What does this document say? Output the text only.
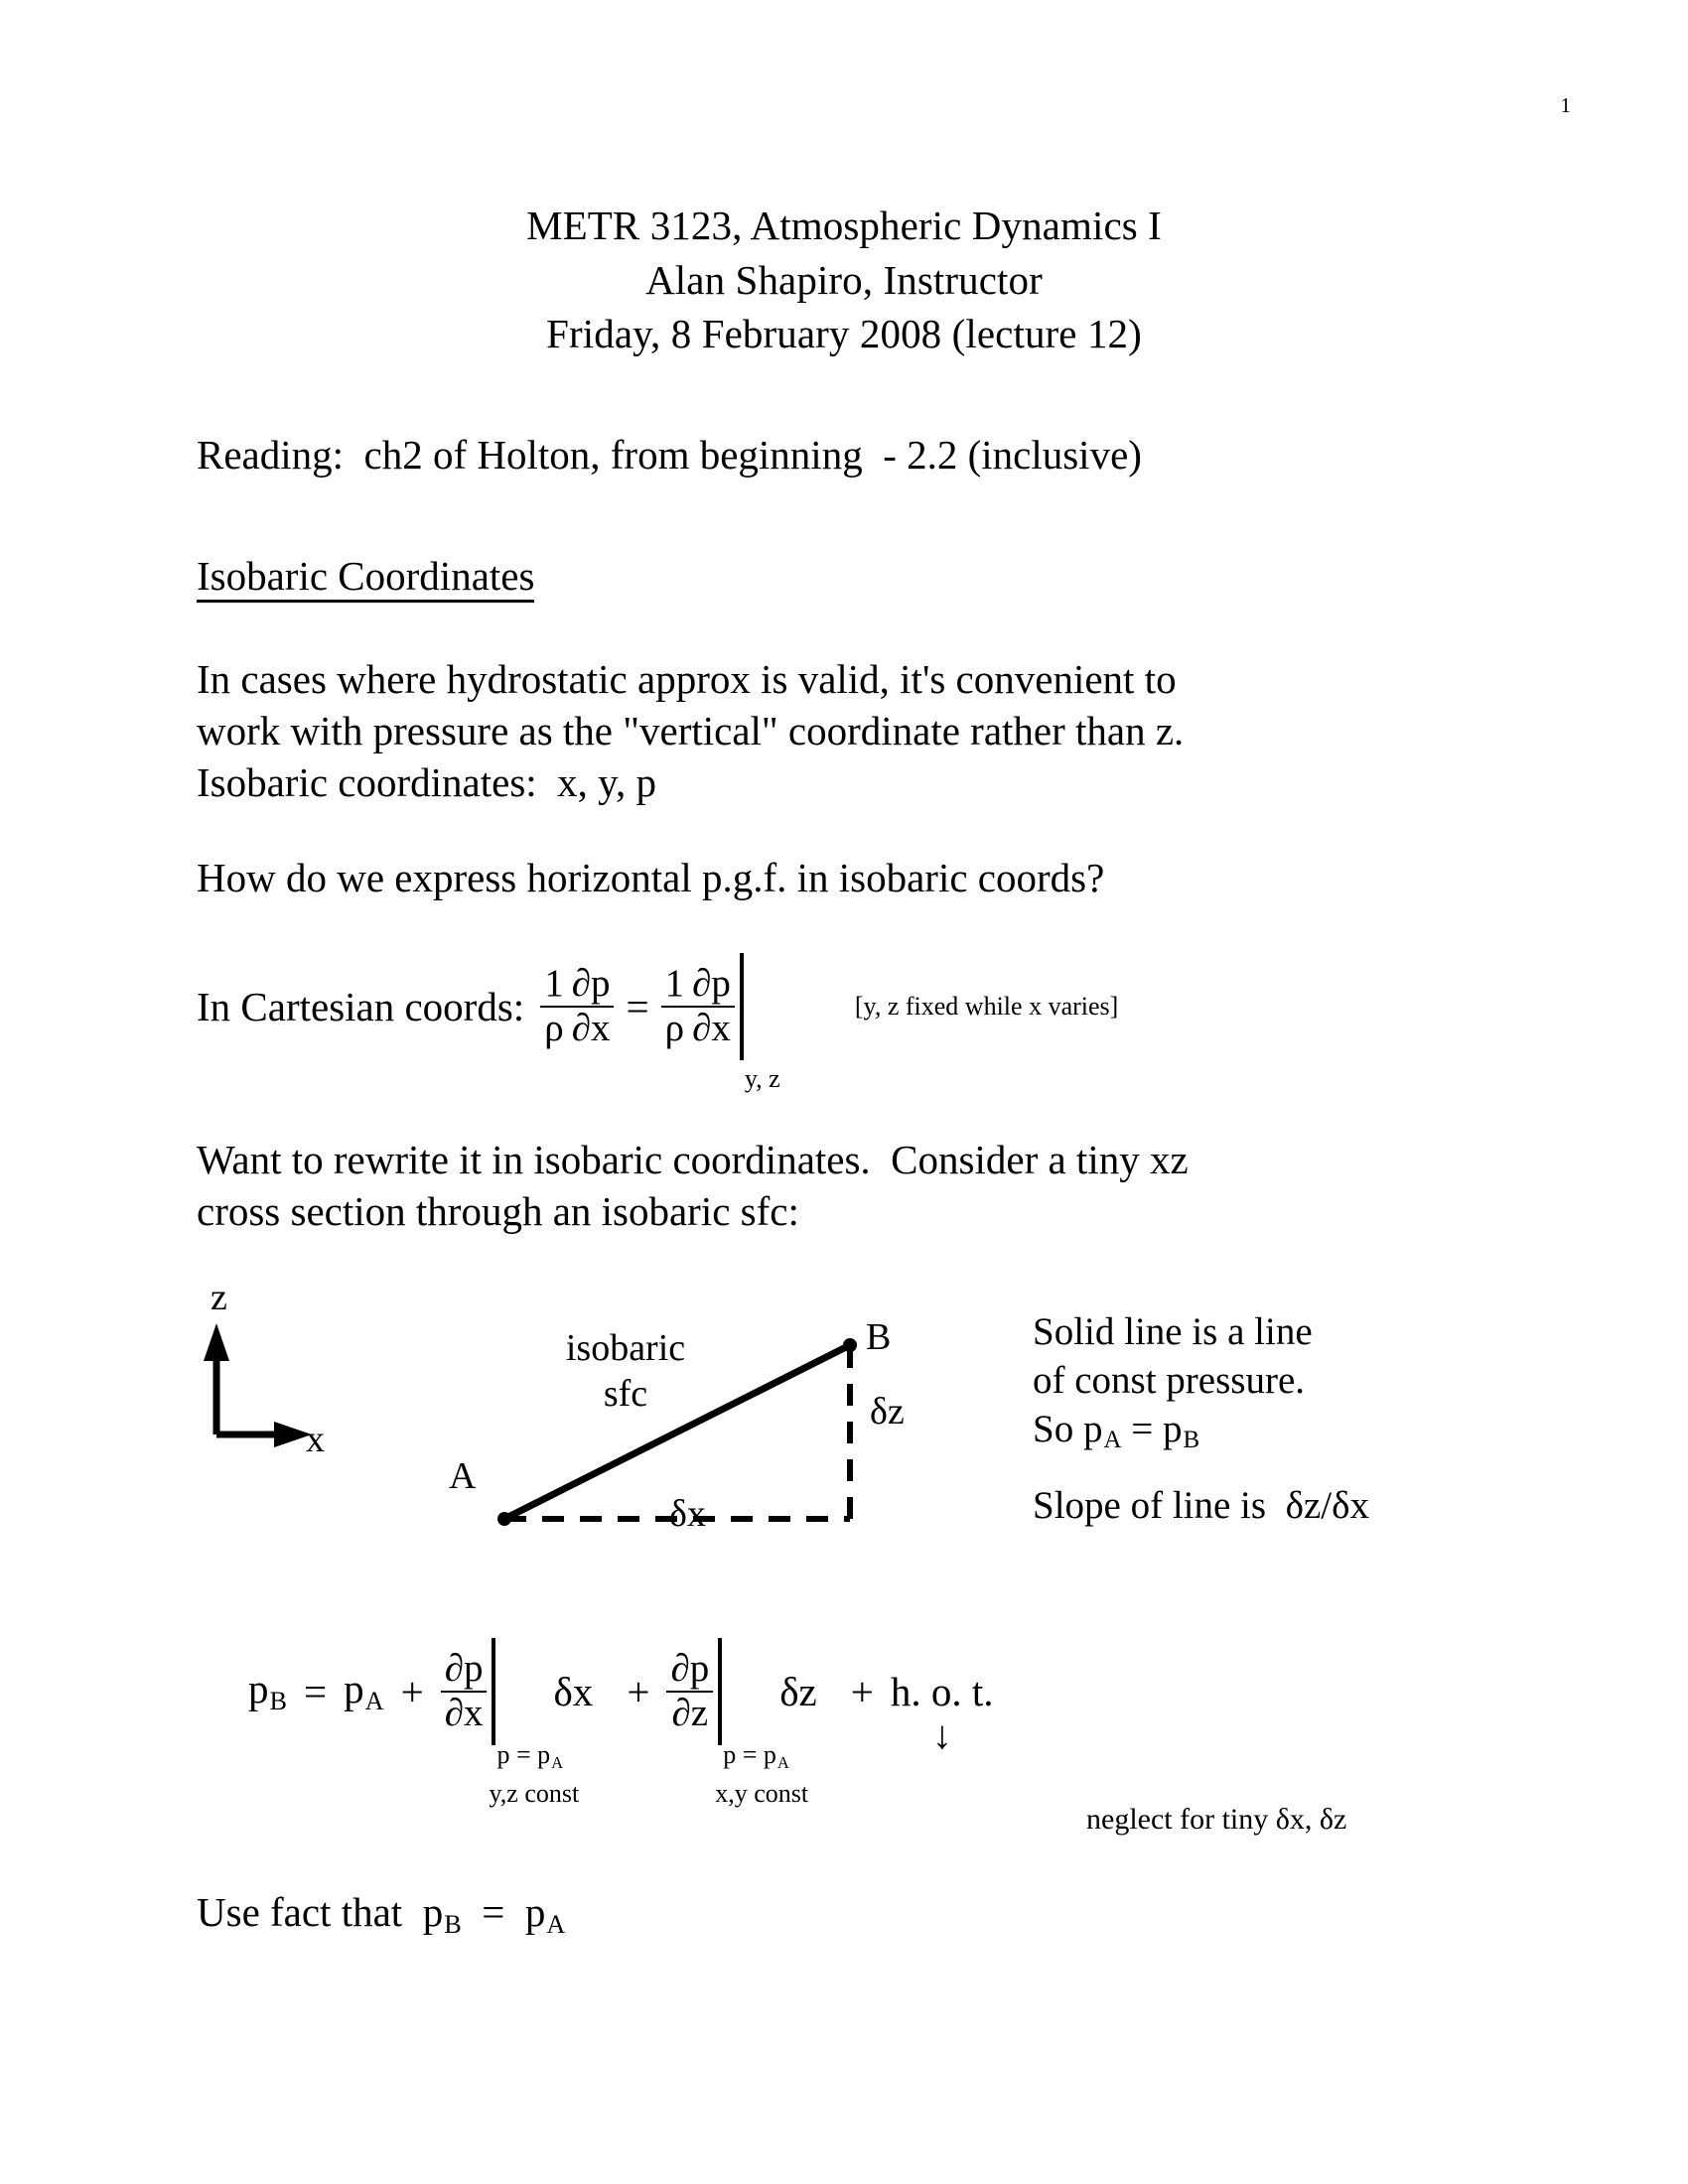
1
METR 3123, Atmospheric Dynamics I
Alan Shapiro, Instructor
Friday, 8 February 2008 (lecture 12)
Reading:  ch2 of Holton, from beginning  - 2.2 (inclusive)
Isobaric Coordinates
In cases where hydrostatic approx is valid, it's convenient to
work with pressure as the "vertical" coordinate rather than z.
Isobaric coordinates:  x, y, p
How do we express horizontal p.g.f. in isobaric coords?
In Cartesian coords: $\frac{1}{\rho} \frac{\partial p}{\partial x} = \frac{1}{\rho} \frac{\partial p}{\partial x}$
y, z
[y, z fixed while x varies]
Want to rewrite it in isobaric coordinates.  Consider a tiny xz
cross section through an isobaric sfc:
z
x
A
B
δz
δx
isobaric
sfc
Solid line is a line
of const pressure.
So $p_A = p_B$
Slope of line is  δz/δx
$p_B = p_A + \frac{\partial p}{\partial x}$
$p = p_A$
y,z const
$\delta x + \frac{\partial p}{\partial z}$
$p = p_A$
x,y const
δz + h. o. t.
↓
neglect for tiny δx, δz
Use fact that  $p_B = p_A$
